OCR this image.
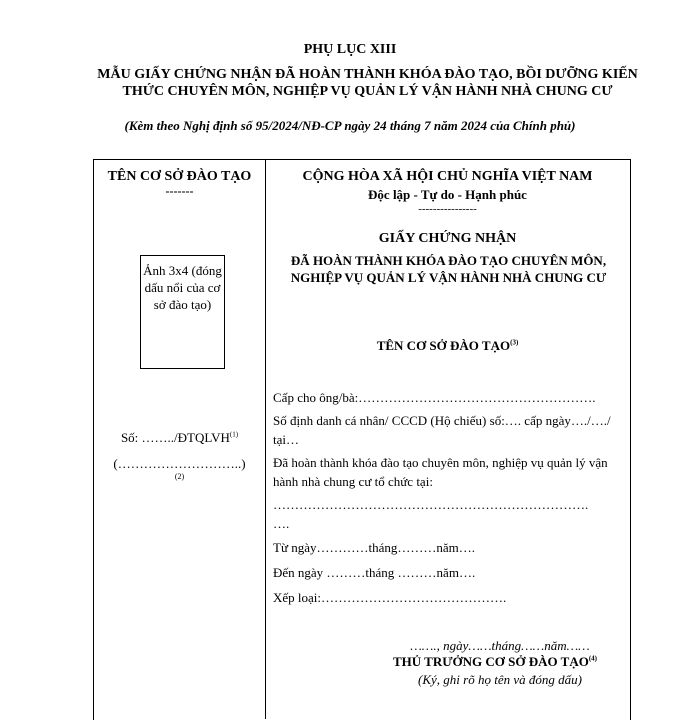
PHỤ LỤC XIII
MẪU GIẤY CHỨNG NHẬN ĐÃ HOÀN THÀNH KHÓA ĐÀO TẠO, BỒI DƯỠNG KIẾN THỨC CHUYÊN MÔN, NGHIỆP VỤ QUẢN LÝ VẬN HÀNH NHÀ CHUNG CƯ
(Kèm theo Nghị định số 95/2024/NĐ-CP ngày 24 tháng 7 năm 2024 của Chính phủ)
TÊN CƠ SỞ ĐÀO TẠO
-------
Ảnh 3x4 (đóng dấu nổi của cơ sở đào tạo)
Số: ……../ĐTQLVH$^{(1)}$
(………………………..)
(2)
CỘNG HÒA XÃ HỘI CHỦ NGHĨA VIỆT NAM
Độc lập - Tự do - Hạnh phúc
----------------
GIẤY CHỨNG NHẬN
ĐÃ HOÀN THÀNH KHÓA ĐÀO TẠO CHUYÊN MÔN, NGHIỆP VỤ QUẢN LÝ VẬN HÀNH NHÀ CHUNG CƯ
TÊN CƠ SỞ ĐÀO TẠO$^{(3)}$
Cấp cho ông/bà:……………………………………………….
Số định danh cá nhân/ CCCD (Hộ chiếu) số:…. cấp ngày…./…./ tại…
Đã hoàn thành khóa đào tạo chuyên môn, nghiệp vụ quản lý vận hành nhà chung cư tổ chức tại:
……………………………………………………………….
….
Từ ngày…………tháng………năm….
Đến ngày ………tháng ………năm….
Xếp loại:…………………………………….
……., ngày……tháng……năm……
THỦ TRƯỞNG CƠ SỞ ĐÀO TẠO$^{(4)}$
(Ký, ghi rõ họ tên và đóng dấu)
